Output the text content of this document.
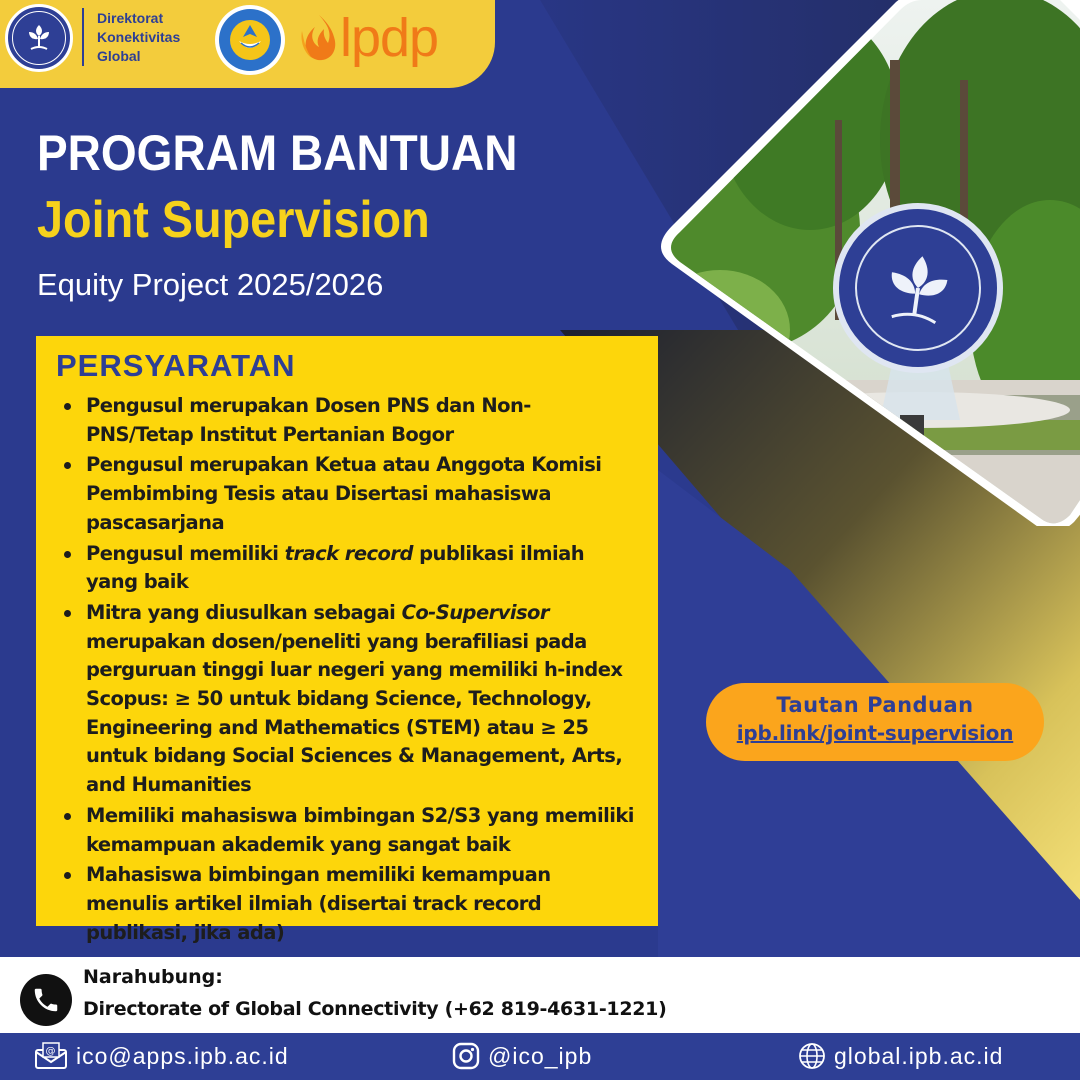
Direktorat
Konektivitas
Global	lpdp
PROGRAM BANTUAN
Joint Supervision
Equity Project 2025/2026
PERSYARATAN
Pengusul merupakan Dosen PNS dan Non-PNS/Tetap Institut Pertanian Bogor
Pengusul merupakan Ketua atau Anggota Komisi Pembimbing Tesis atau Disertasi mahasiswa pascasarjana
Pengusul memiliki track record publikasi ilmiah yang baik
Mitra yang diusulkan sebagai Co-Supervisor merupakan dosen/peneliti yang berafiliasi pada perguruan tinggi luar negeri yang memiliki h-index Scopus: ≥ 50 untuk bidang Science, Technology, Engineering and Mathematics (STEM) atau ≥ 25 untuk bidang Social Sciences & Management, Arts, and Humanities
Memiliki mahasiswa bimbingan S2/S3 yang memiliki kemampuan akademik yang sangat baik
Mahasiswa bimbingan memiliki kemampuan menulis artikel ilmiah (disertai track record publikasi, jika ada)
Tautan Panduan
ipb.link/joint-supervision
Narahubung:
Directorate of Global Connectivity (+62 819-4631-1221)
@ ico@apps.ipb.ac.id	@ico_ipb	global.ipb.ac.id
